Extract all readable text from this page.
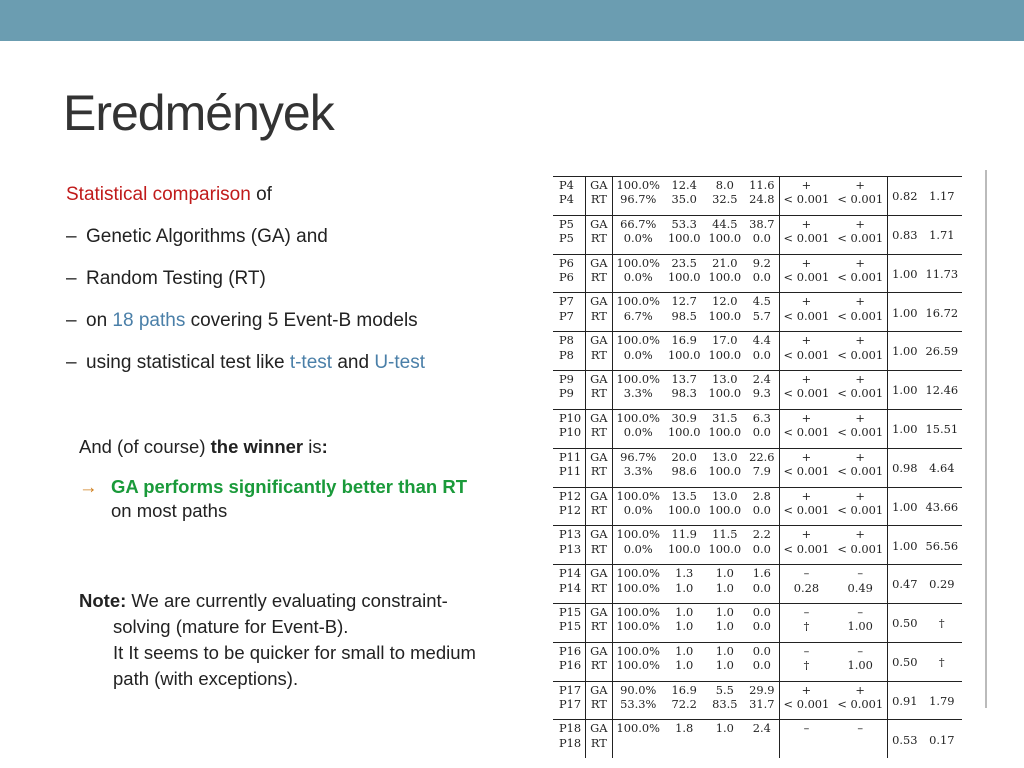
Eredmények
Statistical comparison of
– Genetic Algorithms (GA) and
– Random Testing (RT)
– on 18 paths covering 5 Event-B models
– using statistical test like t-test and U-test
And (of course) the winner is:
→ GA performs significantly better than RT
on most paths
Note: We are currently evaluating constraint-
solving (mature for Event-B).
It It seems to be quicker for small to medium
path (with exceptions).
P4	GA	100.0%	12.4	8.0	11.6	+	+	0.82	1.17
P4	RT	96.7%	35.0	32.5	24.8	< 0.001	< 0.001		
P5	GA	66.7%	53.3	44.5	38.7	+	+	0.83	1.71
P5	RT	0.0%	100.0	100.0	0.0	< 0.001	< 0.001		
P6	GA	100.0%	23.5	21.0	9.2	+	+	1.00	11.73
P6	RT	0.0%	100.0	100.0	0.0	< 0.001	< 0.001		
P7	GA	100.0%	12.7	12.0	4.5	+	+	1.00	16.72
P7	RT	6.7%	98.5	100.0	5.7	< 0.001	< 0.001		
P8	GA	100.0%	16.9	17.0	4.4	+	+	1.00	26.59
P8	RT	0.0%	100.0	100.0	0.0	< 0.001	< 0.001		
P9	GA	100.0%	13.7	13.0	2.4	+	+	1.00	12.46
P9	RT	3.3%	98.3	100.0	9.3	< 0.001	< 0.001		
P10	GA	100.0%	30.9	31.5	6.3	+	+	1.00	15.51
P10	RT	0.0%	100.0	100.0	0.0	< 0.001	< 0.001		
P11	GA	96.7%	20.0	13.0	22.6	+	+	0.98	4.64
P11	RT	3.3%	98.6	100.0	7.9	< 0.001	< 0.001		
P12	GA	100.0%	13.5	13.0	2.8	+	+	1.00	43.66
P12	RT	0.0%	100.0	100.0	0.0	< 0.001	< 0.001		
P13	GA	100.0%	11.9	11.5	2.2	+	+	1.00	56.56
P13	RT	0.0%	100.0	100.0	0.0	< 0.001	< 0.001		
P14	GA	100.0%	1.3	1.0	1.6	–	–	0.47	0.29
P14	RT	100.0%	1.0	1.0	0.0	0.28	0.49		
P15	GA	100.0%	1.0	1.0	0.0	–	–	0.50	†
P15	RT	100.0%	1.0	1.0	0.0	†	1.00		
P16	GA	100.0%	1.0	1.0	0.0	–	–	0.50	†
P16	RT	100.0%	1.0	1.0	0.0	†	1.00		
P17	GA	90.0%	16.9	5.5	29.9	+	+	0.91	1.79
P17	RT	53.3%	72.2	83.5	31.7	< 0.001	< 0.001		
P18	GA	100.0%	1.8	1.0	2.4	–	–	0.53	0.17
P18	RT								
